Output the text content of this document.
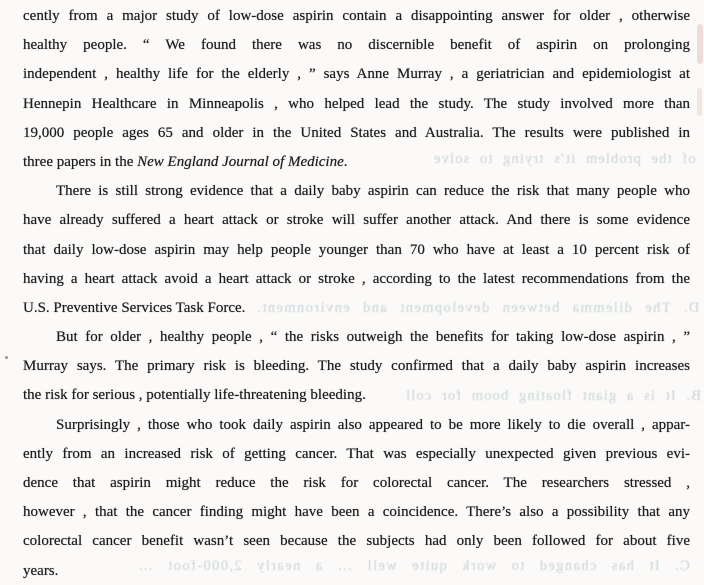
of the problem it’s trying to solve
D. The dilemma between development and environment.
B. It is a giant floating boom for coll
C. It has changed to work quite well … a nearly 2,000-foot …
cently from a major study of low-dose aspirin contain a disappointing answer for older , otherwise
healthy people. “ We found there was no discernible benefit of aspirin on prolonging
independent , healthy life for the elderly , ” says Anne Murray , a geriatrician and epidemiologist at
Hennepin Healthcare in Minneapolis , who helped lead the study. The study involved more than
19,000 people ages 65 and older in the United States and Australia. The results were published in
three papers in the New England Journal of Medicine.
There is still strong evidence that a daily baby aspirin can reduce the risk that many people who
have already suffered a heart attack or stroke will suffer another attack. And there is some evidence
that daily low-dose aspirin may help people younger than 70 who have at least a 10 percent risk of
having a heart attack avoid a heart attack or stroke , according to the latest recommendations from the
U.S. Preventive Services Task Force.
But for older , healthy people , “ the risks outweigh the benefits for taking low-dose aspirin , ”
Murray says. The primary risk is bleeding. The study confirmed that a daily baby aspirin increases
the risk for serious , potentially life-threatening bleeding.
Surprisingly , those who took daily aspirin also appeared to be more likely to die overall , appar-
ently from an increased risk of getting cancer. That was especially unexpected given previous evi-
dence that aspirin might reduce the risk for colorectal cancer. The researchers stressed ,
however , that the cancer finding might have been a coincidence. There’s also a possibility that any
colorectal cancer benefit wasn’t seen because the subjects had only been followed for about five
years.
